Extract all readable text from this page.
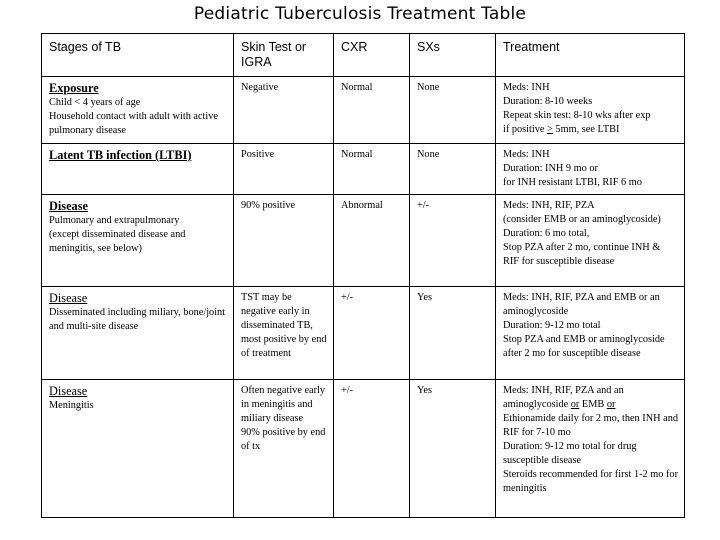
Pediatric Tuberculosis Treatment Table
Stages of TB	Skin Test or IGRA	CXR	SXs	Treatment

Exposure
Child < 4 years of age
Household contact with adult with active pulmonary disease	Negative	Normal	None	Meds: INH
Duration: 8-10 weeks
Repeat skin test: 8-10 wks after exp
if positive ≥ 5mm, see LTBI

Latent TB infection (LTBI)	Positive	Normal	None	Meds: INH
Duration: INH 9 mo or
for INH resistant LTBI, RIF 6 mo

Disease
Pulmonary and extrapulmonary
(except disseminated disease and meningitis, see below)	90% positive	Abnormal	+/-	Meds: INH, RIF, PZA
(consider EMB or an aminoglycoside)
Duration: 6 mo total,
Stop PZA after 2 mo, continue INH & RIF for susceptible disease

Disease
Disseminated including miliary, bone/joint and multi-site disease	TST may be negative early in disseminated TB, most positive by end of treatment	+/-	Yes	Meds: INH, RIF, PZA and EMB or an aminoglycoside
Duration: 9-12 mo total
Stop PZA and EMB or aminoglycoside after 2 mo for susceptible disease

Disease
Meningitis	Often negative early in meningitis and miliary disease
90% positive by end of tx	+/-	Yes	Meds: INH, RIF, PZA and an aminoglycoside or EMB or
Ethionamide daily for 2 mo, then INH and RIF for 7-10 mo
Duration: 9-12 mo total for drug susceptible disease
Steroids recommended for first 1-2 mo for meningitis
